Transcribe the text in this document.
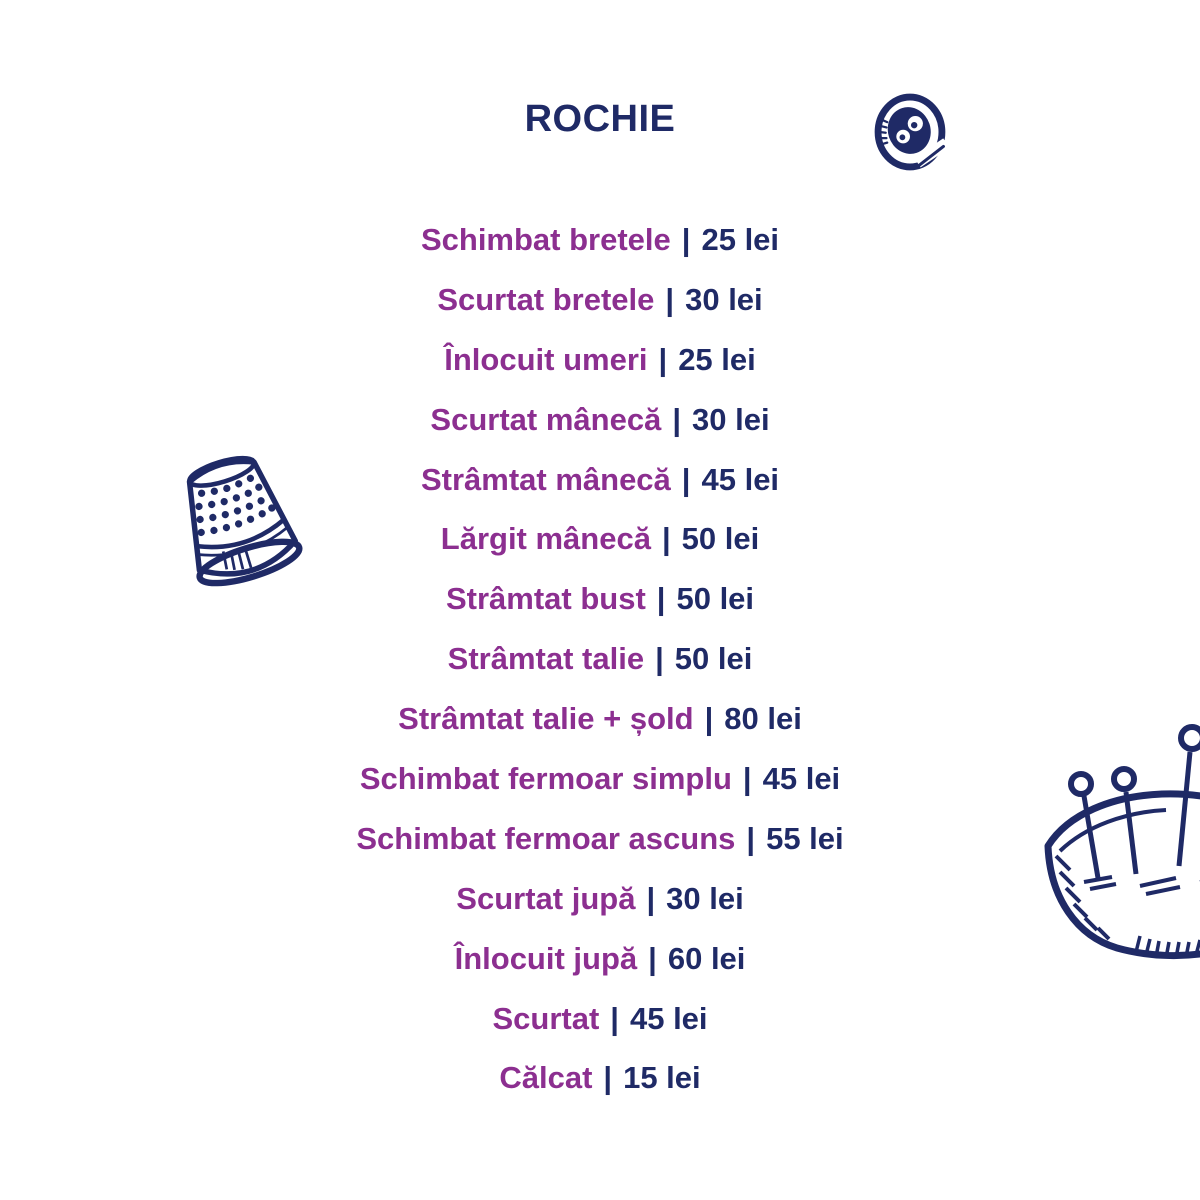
ROCHIE
Schimbat bretele | 25 lei
Scurtat bretele | 30 lei
Înlocuit umeri | 25 lei
Scurtat mânecă | 30 lei
Strâmtat mânecă | 45 lei
Lărgit mânecă | 50 lei
Strâmtat bust | 50 lei
Strâmtat talie | 50 lei
Strâmtat talie + șold | 80 lei
Schimbat fermoar simplu | 45 lei
Schimbat fermoar ascuns | 55 lei
Scurtat jupă | 30 lei
Înlocuit jupă | 60 lei
Scurtat | 45 lei
Călcat | 15 lei
